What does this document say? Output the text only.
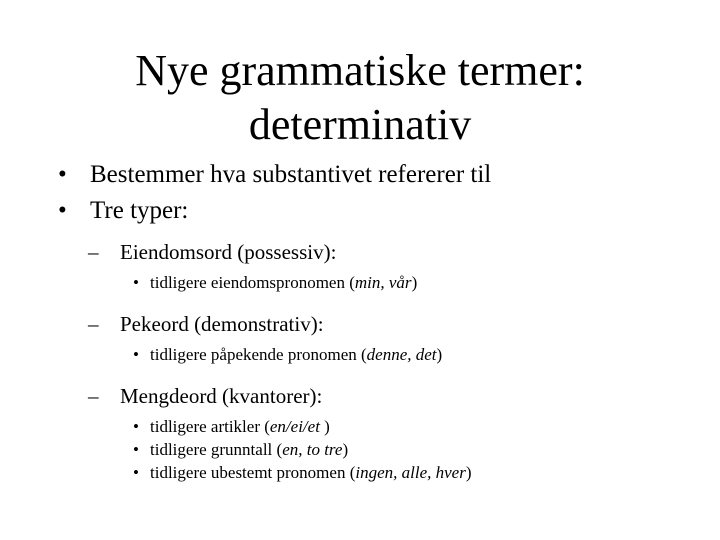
Nye grammatiske termer:
determinativ
• Bestemmer hva substantivet refererer til
• Tre typer:
– Eiendomsord (possessiv):
• tidligere eiendomspronomen (min, vår)
– Pekeord (demonstrativ):
• tidligere påpekende pronomen (denne, det)
– Mengdeord (kvantorer):
• tidligere artikler (en/ei/et )
• tidligere grunntall (en, to tre)
• tidligere ubestemt pronomen (ingen, alle, hver)
